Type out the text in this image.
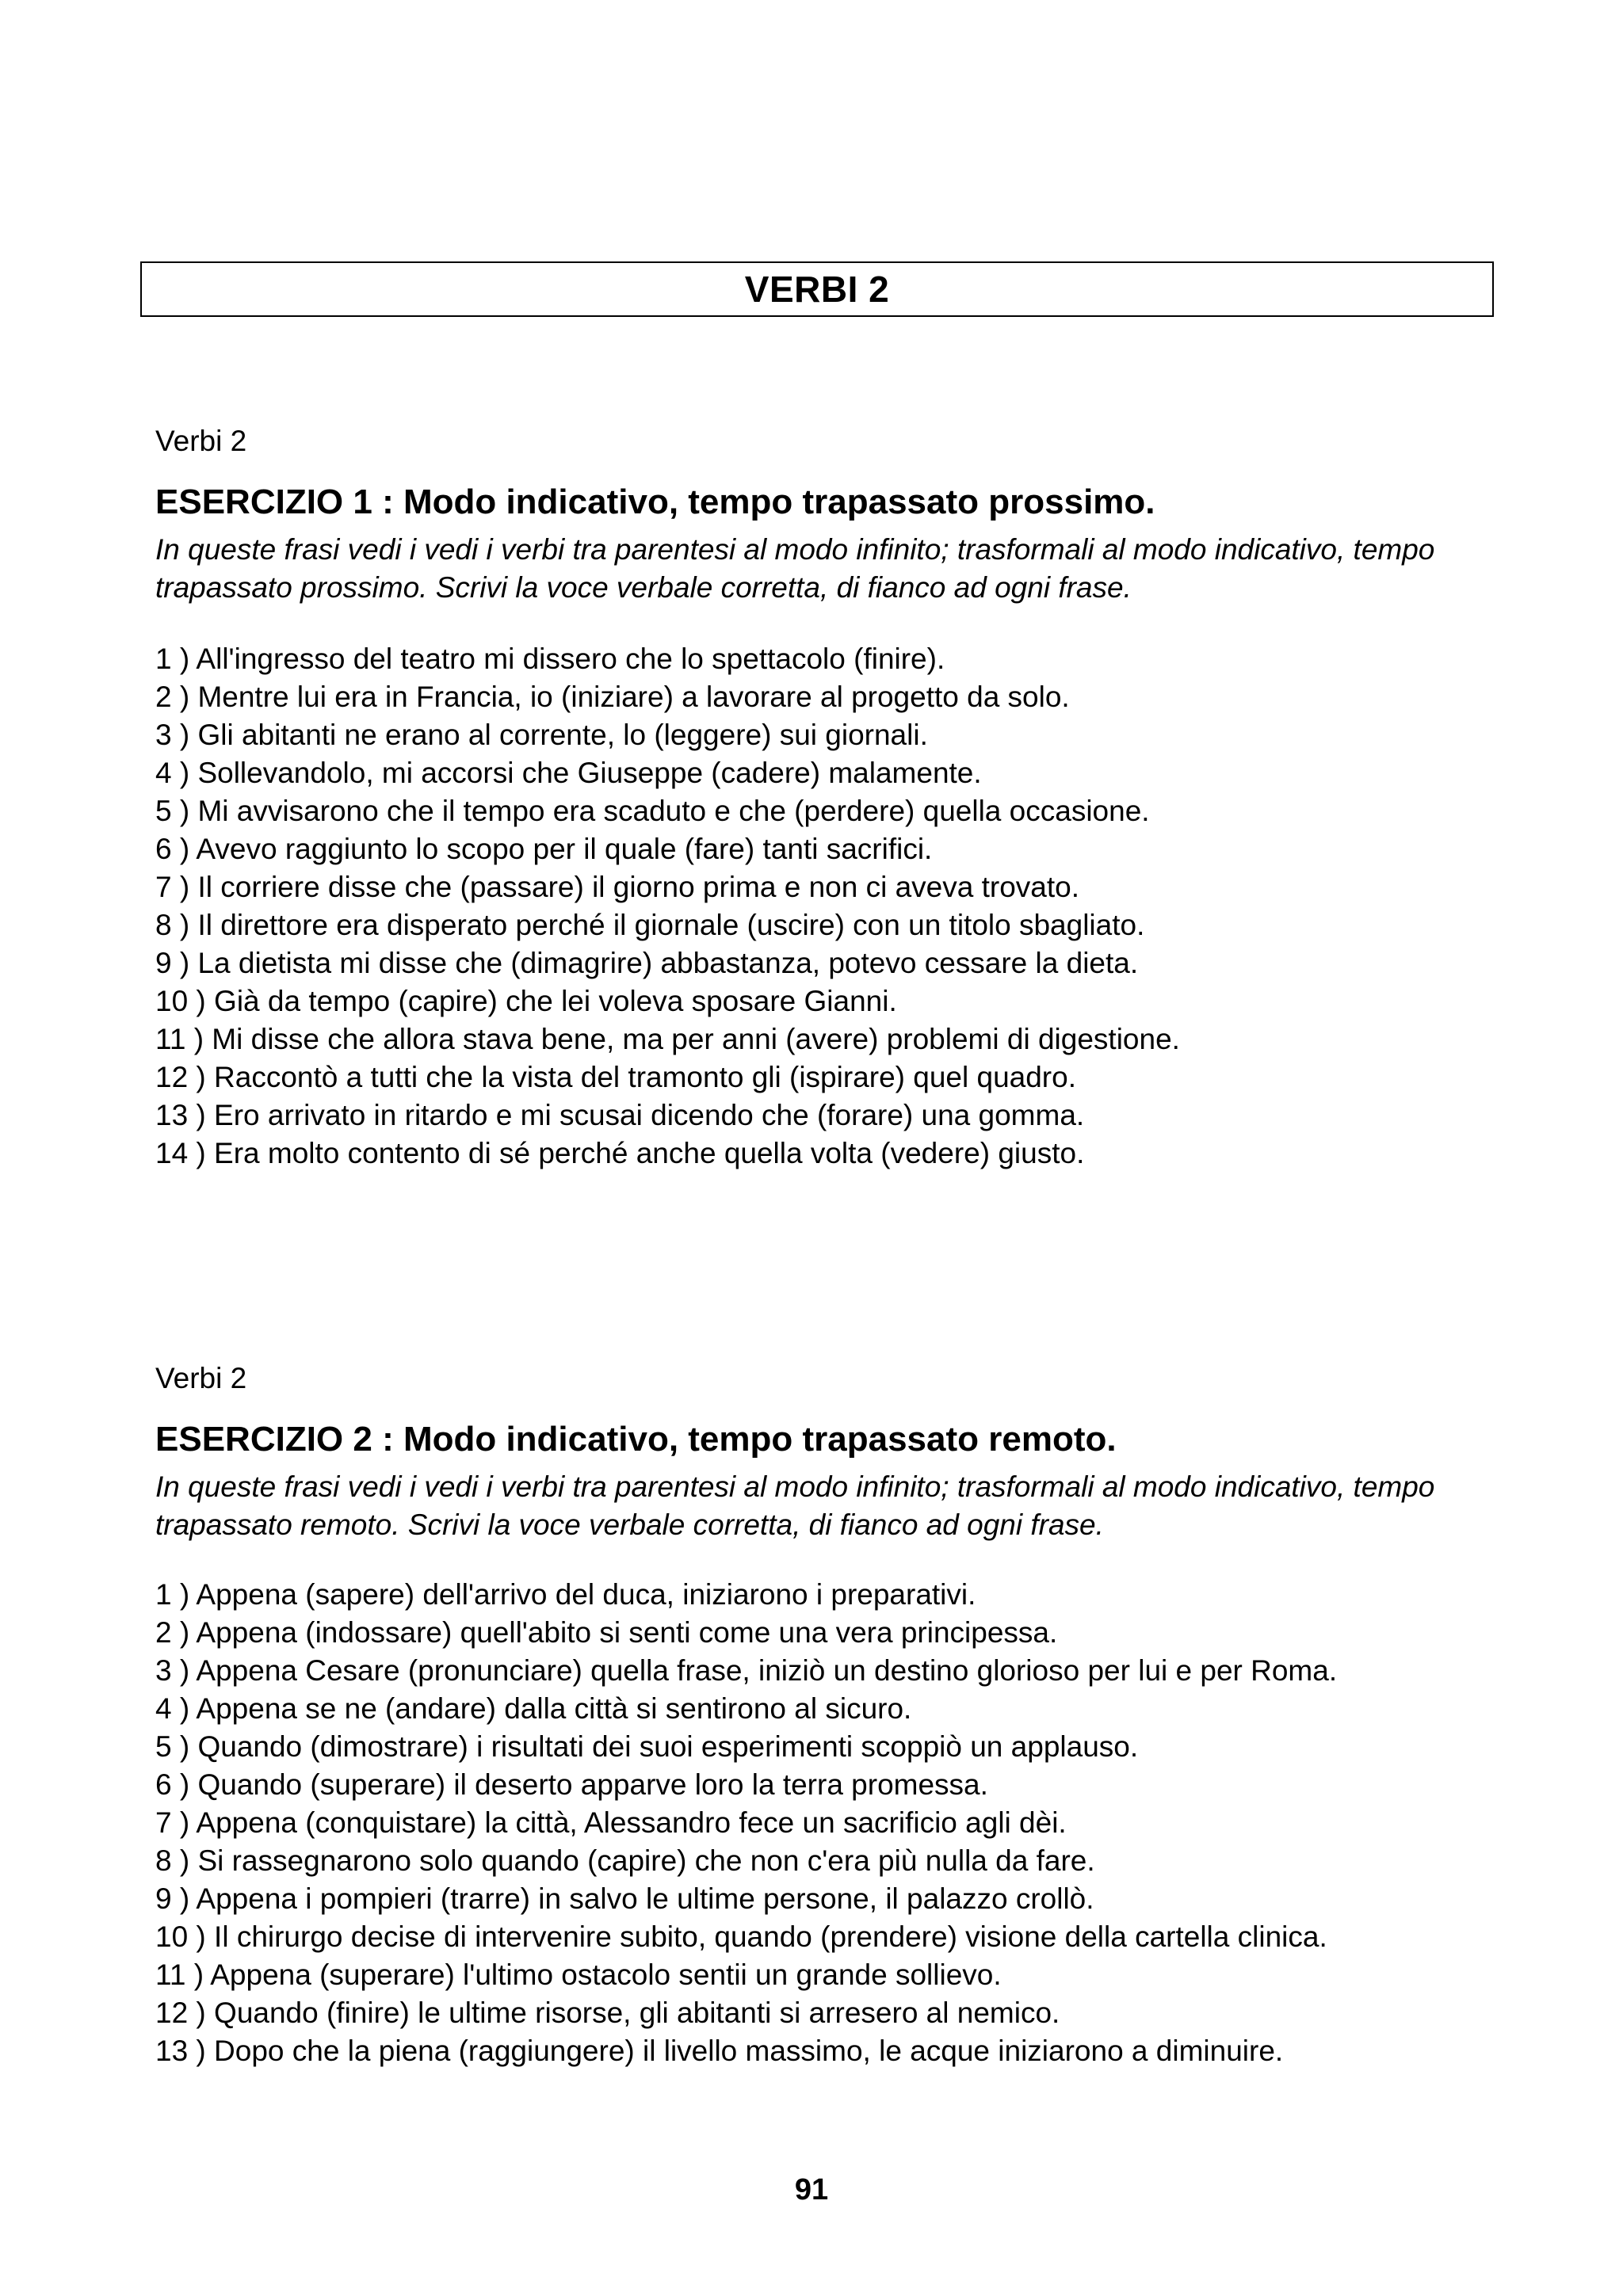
VERBI 2

Verbi 2

ESERCIZIO 1 : Modo indicativo, tempo trapassato prossimo.

In queste frasi vedi i vedi i verbi tra parentesi al modo infinito; trasformali al modo indicativo, tempo trapassato prossimo. Scrivi la voce verbale corretta, di fianco ad ogni frase.

1 ) All'ingresso del teatro mi dissero che lo spettacolo (finire).
2 ) Mentre lui era in Francia, io (iniziare) a lavorare al progetto da solo.
3 ) Gli abitanti ne erano al corrente, lo (leggere) sui giornali.
4 ) Sollevandolo, mi accorsi che Giuseppe (cadere) malamente.
5 ) Mi avvisarono che il tempo era scaduto e che (perdere) quella occasione.
6 ) Avevo raggiunto lo scopo per il quale (fare) tanti sacrifici.
7 ) Il corriere disse che (passare) il giorno prima e non ci aveva trovato.
8 ) Il direttore era disperato perché il giornale (uscire) con un titolo sbagliato.
9 ) La dietista mi disse che (dimagrire) abbastanza, potevo cessare la dieta.
10 ) Già da tempo (capire) che lei voleva sposare Gianni.
11 ) Mi disse che allora stava bene, ma per anni (avere) problemi di digestione.
12 ) Raccontò a tutti che la vista del tramonto gli (ispirare) quel quadro.
13 ) Ero arrivato in ritardo e mi scusai dicendo che (forare) una gomma.
14 ) Era molto contento di sé perché anche quella volta (vedere) giusto.

Verbi 2

ESERCIZIO 2 : Modo indicativo, tempo trapassato remoto.

In queste frasi vedi i vedi i verbi tra parentesi al modo infinito; trasformali al modo indicativo, tempo trapassato remoto. Scrivi la voce verbale corretta, di fianco ad ogni frase.

1 ) Appena (sapere) dell'arrivo del duca, iniziarono i preparativi.
2 ) Appena (indossare) quell'abito si senti come una vera principessa.
3 ) Appena Cesare (pronunciare) quella frase, iniziò un destino glorioso per lui e per Roma.
4 ) Appena se ne (andare) dalla città si sentirono al sicuro.
5 ) Quando (dimostrare) i risultati dei suoi esperimenti scoppiò un applauso.
6 ) Quando (superare) il deserto apparve loro la terra promessa.
7 ) Appena (conquistare) la città, Alessandro fece un sacrificio agli dèi.
8 ) Si rassegnarono solo quando (capire) che non c'era più nulla da fare.
9 ) Appena i pompieri (trarre) in salvo le ultime persone, il palazzo crollò.
10 ) Il chirurgo decise di intervenire subito, quando (prendere) visione della cartella clinica.
11 ) Appena (superare) l'ultimo ostacolo sentii un grande sollievo.
12 ) Quando (finire) le ultime risorse, gli abitanti si arresero al nemico.
13 ) Dopo che la piena (raggiungere) il livello massimo, le acque iniziarono a diminuire.
91
